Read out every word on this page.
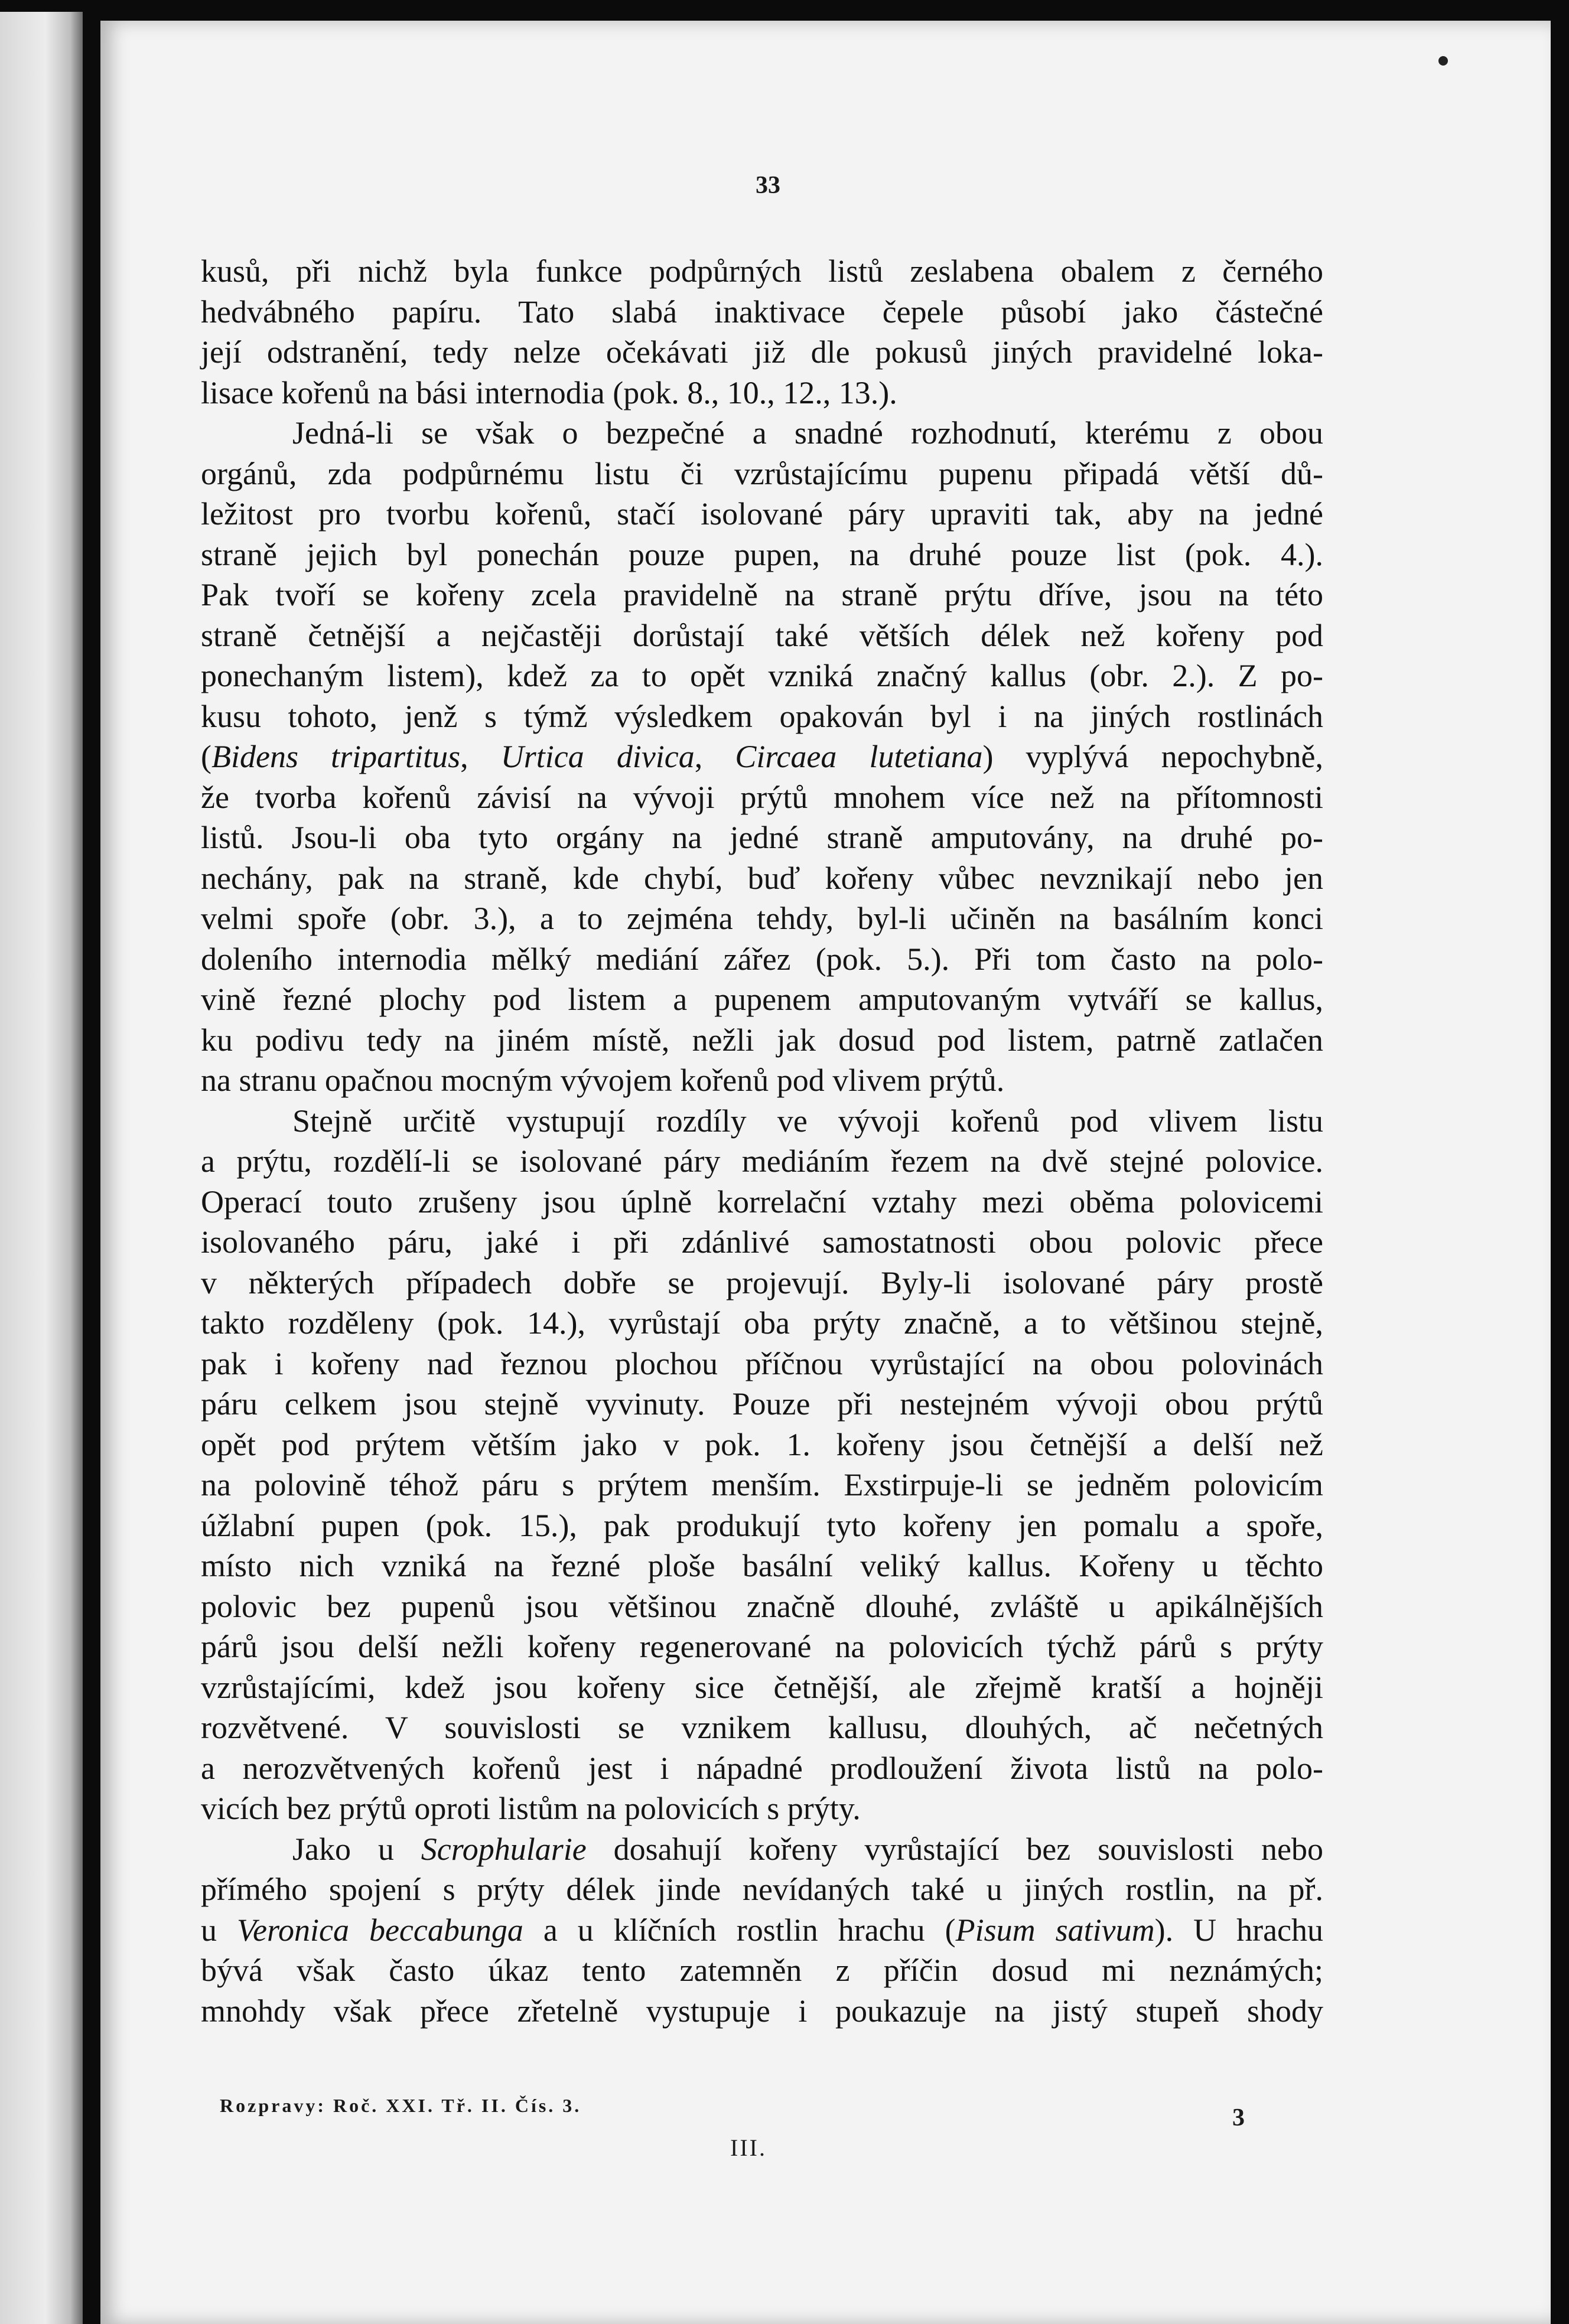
33
kusů, při nichž byla funkce podpůrných listů zeslabena obalem z černého
hedvábného papíru. Tato slabá inaktivace čepele působí jako částečné
její odstranění, tedy nelze očekávati již dle pokusů jiných pravidelné loka-
lisace kořenů na bási internodia (pok. 8., 10., 12., 13.).
Jedná-li se však o bezpečné a snadné rozhodnutí, kterému z obou
orgánů, zda podpůrnému listu či vzrůstajícímu pupenu připadá větší dů-
ležitost pro tvorbu kořenů, stačí isolované páry upraviti tak, aby na jedné
straně jejich byl ponechán pouze pupen, na druhé pouze list (pok. 4.).
Pak tvoří se kořeny zcela pravidelně na straně prýtu dříve, jsou na této
straně četnější a nejčastěji dorůstají také větších délek než kořeny pod
ponechaným listem), kdež za to opět vzniká značný kallus (obr. 2.). Z po-
kusu tohoto, jenž s týmž výsledkem opakován byl i na jiných rostlinách
(Bidens tripartitus, Urtica divica, Circaea lutetiana) vyplývá nepochybně,
že tvorba kořenů závisí na vývoji prýtů mnohem více než na přítomnosti
listů. Jsou-li oba tyto orgány na jedné straně amputovány, na druhé po-
nechány, pak na straně, kde chybí, buď kořeny vůbec nevznikají nebo jen
velmi spoře (obr. 3.), a to zejména tehdy, byl-li učiněn na basálním konci
doleního internodia mělký mediání zářez (pok. 5.). Při tom často na polo-
vině řezné plochy pod listem a pupenem amputovaným vytváří se kallus,
ku podivu tedy na jiném místě, nežli jak dosud pod listem, patrně zatlačen
na stranu opačnou mocným vývojem kořenů pod vlivem prýtů.
Stejně určitě vystupují rozdíly ve vývoji kořenů pod vlivem listu
a prýtu, rozdělí-li se isolované páry mediáním řezem na dvě stejné polovice.
Operací touto zrušeny jsou úplně korrelační vztahy mezi oběma polovicemi
isolovaného páru, jaké i při zdánlivé samostatnosti obou polovic přece
v některých případech dobře se projevují. Byly-li isolované páry prostě
takto rozděleny (pok. 14.), vyrůstají oba prýty značně, a to většinou stejně,
pak i kořeny nad řeznou plochou příčnou vyrůstající na obou polovinách
páru celkem jsou stejně vyvinuty. Pouze při nestejném vývoji obou prýtů
opět pod prýtem větším jako v pok. 1. kořeny jsou četnější a delší než
na polovině téhož páru s prýtem menším. Exstirpuje-li se jedněm polovicím
úžlabní pupen (pok. 15.), pak produkují tyto kořeny jen pomalu a spoře,
místo nich vzniká na řezné ploše basální veliký kallus. Kořeny u těchto
polovic bez pupenů jsou většinou značně dlouhé, zvláště u apikálnějších
párů jsou delší nežli kořeny regenerované na polovicích týchž párů s prýty
vzrůstajícími, kdež jsou kořeny sice četnější, ale zřejmě kratší a hojněji
rozvětvené. V souvislosti se vznikem kallusu, dlouhých, ač nečetných
a nerozvětvených kořenů jest i nápadné prodloužení života listů na polo-
vicích bez prýtů oproti listům na polovicích s prýty.
Jako u Scrophularie dosahují kořeny vyrůstající bez souvislosti nebo
přímého spojení s prýty délek jinde nevídaných také u jiných rostlin, na př.
u Veronica beccabunga a u klíčních rostlin hrachu (Pisum sativum). U hrachu
bývá však často úkaz tento zatemněn z příčin dosud mi neznámých;
mnohdy však přece zřetelně vystupuje i poukazuje na jistý stupeň shody
Rozpravy: Roč. XXI. Tř. II. Čís. 3.	3
III.
